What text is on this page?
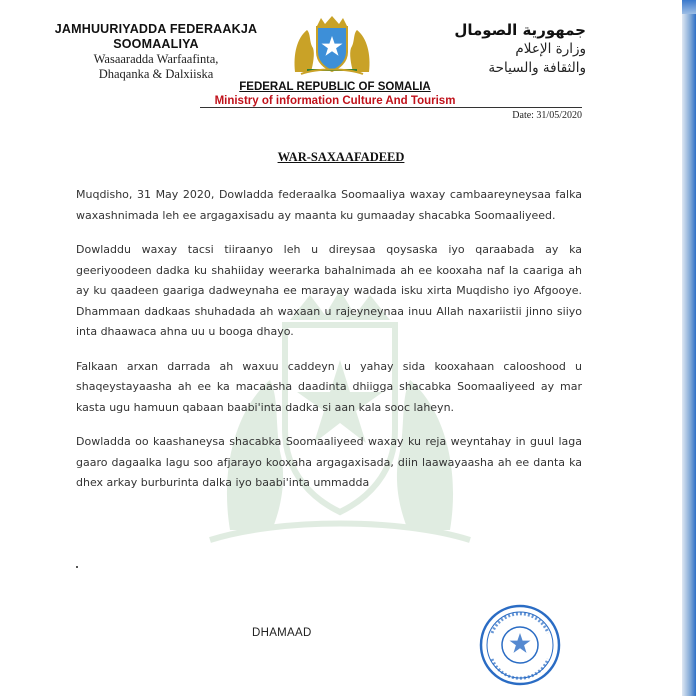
JAMHUURIYADDA FEDERAAKJA
SOOMAALIYA
Wasaaradda Warfaafinta,
Dhaqanka & Dalxiiska
جمهورية الصومال
وزارة الإعلام
والثقافة والسياحة
FEDERAL REPUBLIC OF SOMALIA
Ministry of information Culture And Tourism
Date: 31/05/2020
WAR-SAXAAFADEED

Muqdisho, 31 May 2020, Dowladda federaalka Soomaaliya waxay cambaareyneysaa falka waxashnimada leh ee argagaxisadu ay maanta ku gumaaday shacabka Soomaaliyeed.

Dowladdu waxay tacsi tiiraanyo leh u direysaa qoysaska iyo qaraabada ay ka geeriyoodeen dadka ku shahiiday weerarka bahalnimada ah ee kooxaha naf la caariga ah ay ku qaadeen gaariga dadweynaha ee marayay wadada isku xirta Muqdisho iyo Afgooye. Dhammaan dadkaas shuhadada ah waxaan u rajeyneynaa inuu Allah naxariistii jinno siiyo inta dhaawaca ahna uu u booga dhayo.

Falkaan arxan darrada ah waxuu caddeyn u yahay sida kooxahaan calooshood u shaqeystayaasha ah ee ka macaasha daadinta dhiigga shacabka Soomaaliyeed ay mar kasta ugu hamuun qabaan baabi'inta dadka si aan kala sooc laheyn.

Dowladda oo kaashaneysa shacabka Soomaaliyeed waxay ku reja weyntahay in guul laga gaaro dagaalka lagu soo afjarayo kooxaha argagaxisada, diin laawayaasha ah ee danta ka dhex arkay burburinta dalka iyo baabi'inta ummadda

DHAMAAD
